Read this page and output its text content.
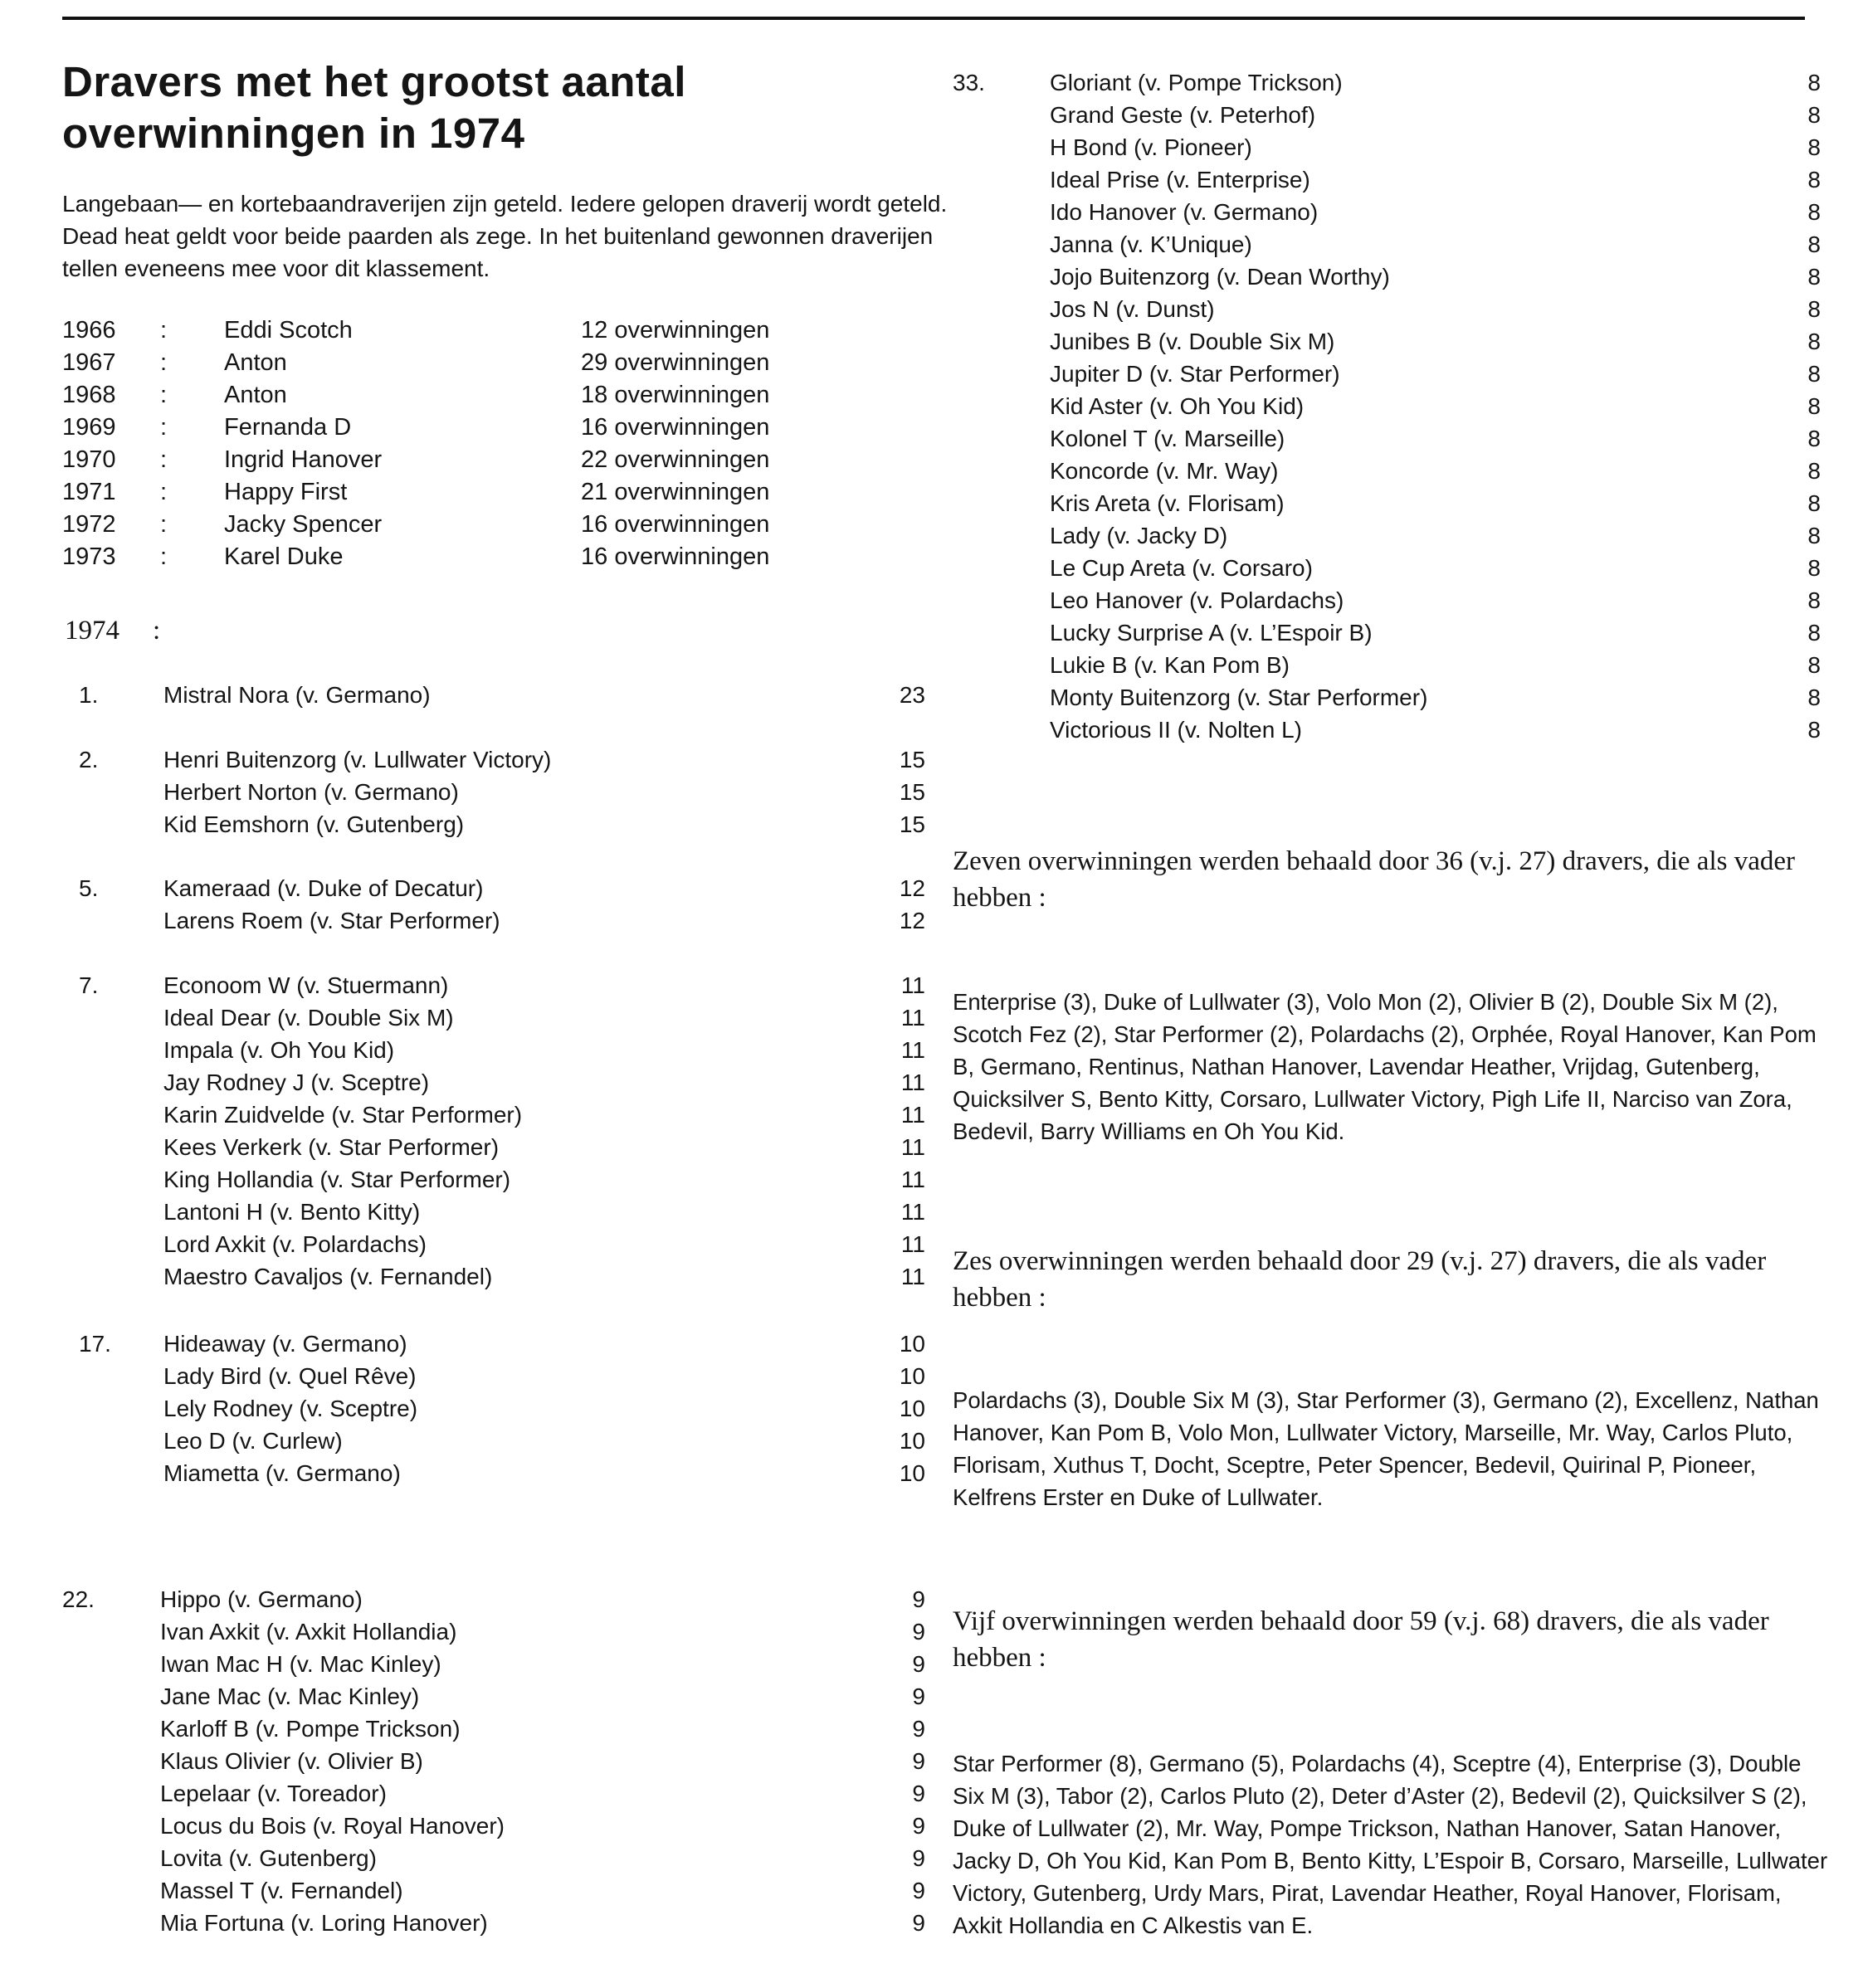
Dravers met het grootst aantal overwinningen in 1974

Langebaan— en kortebaandraverijen zijn geteld. Iedere gelopen draverij wordt geteld. Dead heat geldt voor beide paarden als zege. In het buitenland gewonnen draverijen tellen eveneens mee voor dit klassement.

1966 : Eddi Scotch	12 overwinningen
1967 : Anton	29 overwinningen
1968 : Anton	18 overwinningen
1969 : Fernanda D	16 overwinningen
1970 : Ingrid Hanover	22 overwinningen
1971 : Happy First	21 overwinningen
1972 : Jacky Spencer	16 overwinningen
1973 : Karel Duke	16 overwinningen
1974 :
1.	Mistral Nora (v. Germano)	23
2.	Henri Buitenzorg (v. Lullwater Victory)	15
Herbert Norton (v. Germano)	15
Kid Eemshorn (v. Gutenberg)	15
5.	Kameraad (v. Duke of Decatur)	12
Larens Roem (v. Star Performer)	12
7.	Econoom W (v. Stuermann)	11
Ideal Dear (v. Double Six M)	11
Impala (v. Oh You Kid)	11
Jay Rodney J (v. Sceptre)	11
Karin Zuidvelde (v. Star Performer)	11
Kees Verkerk (v. Star Performer)	11
King Hollandia (v. Star Performer)	11
Lantoni H (v. Bento Kitty)	11
Lord Axkit (v. Polardachs)	11
Maestro Cavaljos (v. Fernandel)	11
17. Hideaway (v. Germano)	10
Lady Bird (v. Quel Rêve)	10
Lely Rodney (v. Sceptre)	10
Leo D (v. Curlew)	10
Miametta (v. Germano)	10
22.	Hippo (v. Germano)	9
Ivan Axkit (v. Axkit Hollandia)	9
Iwan Mac H (v. Mac Kinley)	9
Jane Mac (v. Mac Kinley)	9
Karloff B (v. Pompe Trickson)	9
Klaus Olivier (v. Olivier B)	9
Lepelaar (v. Toreador)	9
Locus du Bois (v. Royal Hanover)	9
Lovita (v. Gutenberg)	9
Massel T (v. Fernandel)	9
Mia Fortuna (v. Loring Hanover)	9
33.	Gloriant (v. Pompe Trickson)	8
Grand Geste (v. Peterhof)	8
H Bond (v. Pioneer)	8
Ideal Prise (v. Enterprise)	8
Ido Hanover (v. Germano)	8
Janna (v. K’Unique)	8
Jojo Buitenzorg (v. Dean Worthy)	8
Jos N (v. Dunst)	8
Junibes B (v. Double Six M)	8
Jupiter D (v. Star Performer)	8
Kid Aster (v. Oh You Kid)	8
Kolonel T (v. Marseille)	8
Koncorde (v. Mr. Way)	8
Kris Areta (v. Florisam)	8
Lady (v. Jacky D)	8
Le Cup Areta (v. Corsaro)	8
Leo Hanover (v. Polardachs)	8
Lucky Surprise A (v. L’Espoir B)	8
Lukie B (v. Kan Pom B)	8
Monty Buitenzorg (v. Star Performer)	8
Victorious II (v. Nolten L)	8
Zeven overwinningen werden behaald door 36 (v.j. 27) dravers, die als vader hebben :
Enterprise (3), Duke of Lullwater (3), Volo Mon (2), Olivier B (2), Double Six M (2), Scotch Fez (2), Star Performer (2), Polardachs (2), Orphée, Royal Hanover, Kan Pom B, Germano, Rentinus, Nathan Hanover, Lavendar Heather, Vrijdag, Gutenberg, Quicksilver S, Bento Kitty, Corsaro, Lullwater Victory, Pigh Life II, Narciso van Zora, Bedevil, Barry Williams en Oh You Kid.
Zes overwinningen werden behaald door 29 (v.j. 27) dravers, die als vader hebben :
Polardachs (3), Double Six M (3), Star Performer (3), Germano (2), Excellenz, Nathan Hanover, Kan Pom B, Volo Mon, Lullwater Victory, Marseille, Mr. Way, Carlos Pluto, Florisam, Xuthus T, Docht, Sceptre, Peter Spencer, Bedevil, Quirinal P, Pioneer, Kelfrens Erster en Duke of Lullwater.
Vijf overwinningen werden behaald door 59 (v.j. 68) dravers, die als vader hebben :
Star Performer (8), Germano (5), Polardachs (4), Sceptre (4), Enterprise (3), Double Six M (3), Tabor (2), Carlos Pluto (2), Deter d’Aster (2), Bedevil (2), Quicksilver S (2), Duke of Lullwater (2), Mr. Way, Pompe Trickson, Nathan Hanover, Satan Hanover, Jacky D, Oh You Kid, Kan Pom B, Bento Kitty, L’Espoir B, Corsaro, Marseille, Lullwater Victory, Gutenberg, Urdy Mars, Pirat, Lavendar Heather, Royal Hanover, Florisam, Axkit Hollandia en C Alkestis van E.
